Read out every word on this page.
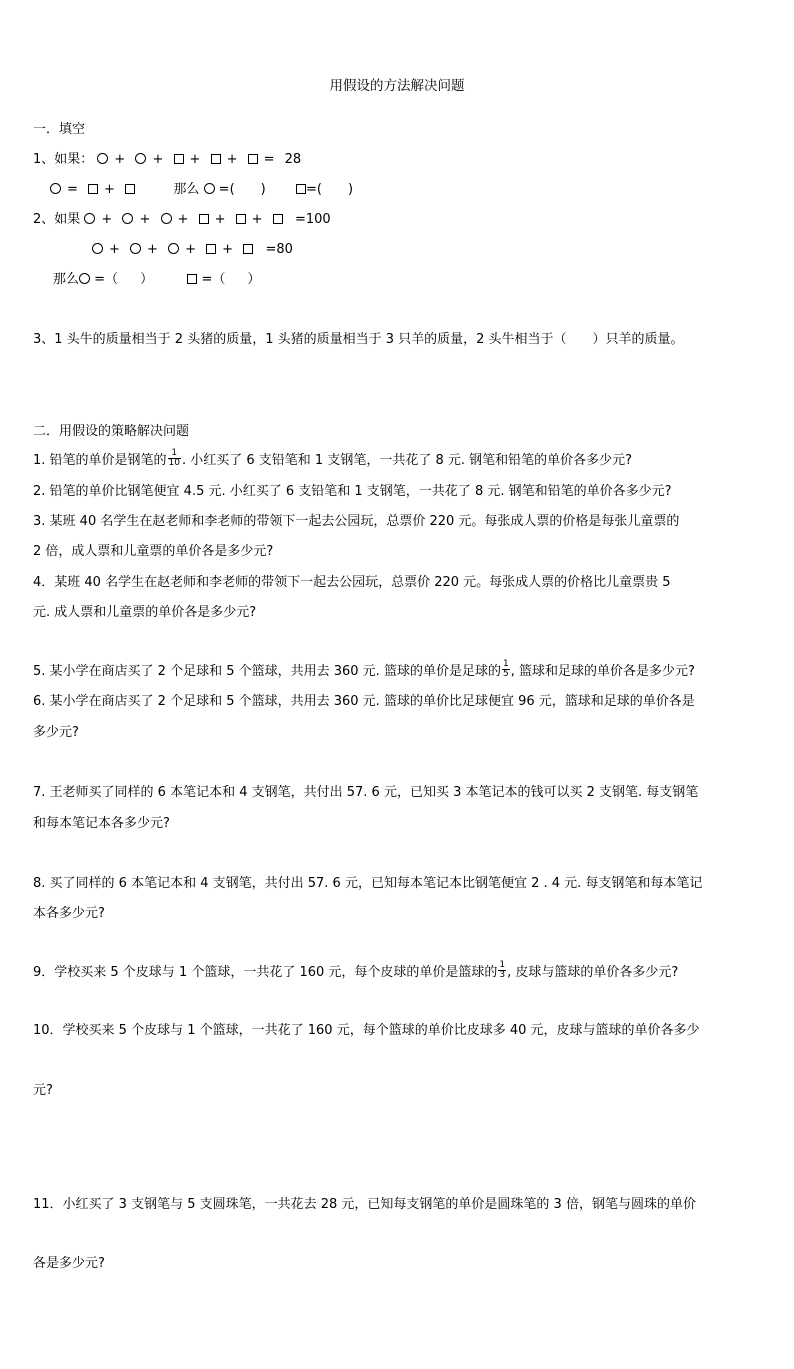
用假设的方法解决问题
一．填空
1、如果： + + + + = 28
= +	那么 =( )	=( )
2、如果 + + + + + =100
+ + + + =80
那么 =（ ）	=（ ）
3、1 头牛的质量相当于 2 头猪的质量，1 头猪的质量相当于 3 只羊的质量，2 头牛相当于（　　）只羊的质量。
二．用假设的策略解决问题
1. 铅笔的单价是钢笔的 $\frac{1}{10}$ . 小红买了 6 支铅笔和 1 支钢笔，一共花了 8 元. 钢笔和铅笔的单价各多少元?
2. 铅笔的单价比钢笔便宜 4.5 元. 小红买了 6 支铅笔和 1 支钢笔，一共花了 8 元. 钢笔和铅笔的单价各多少元?
3. 某班 40 名学生在赵老师和李老师的带领下一起去公园玩，总票价 220 元。每张成人票的价格是每张儿童票的
2 倍，成人票和儿童票的单价各是多少元?
4．某班 40 名学生在赵老师和李老师的带领下一起去公园玩，总票价 220 元。每张成人票的价格比儿童票贵 5
元. 成人票和儿童票的单价各是多少元?
5. 某小学在商店买了 2 个足球和 5 个篮球，共用去 360 元. 篮球的单价是足球的 $\frac{1}{5}$ , 篮球和足球的单价各是多少元?
6. 某小学在商店买了 2 个足球和 5 个篮球，共用去 360 元. 篮球的单价比足球便宜 96 元，篮球和足球的单价各是
多少元?
7. 王老师买了同样的 6 本笔记本和 4 支钢笔，共付出 57. 6 元，已知买 3 本笔记本的钱可以买 2 支钢笔. 每支钢笔
和每本笔记本各多少元?
8. 买了同样的 6 本笔记本和 4 支钢笔，共付出 57. 6 元，已知每本笔记本比钢笔便宜 2 . 4 元. 每支钢笔和每本笔记
本各多少元?
9．学校买来 5 个皮球与 1 个篮球，一共花了 160 元，每个皮球的单价是篮球的 $\frac{1}{3}$ , 皮球与篮球的单价各多少元?
10．学校买来 5 个皮球与 1 个篮球，一共花了 160 元，每个篮球的单价比皮球多 40 元，皮球与篮球的单价各多少
元?
11．小红买了 3 支钢笔与 5 支圆珠笔，一共花去 28 元，已知每支钢笔的单价是圆珠笔的 3 倍，钢笔与圆珠的单价
各是多少元?
